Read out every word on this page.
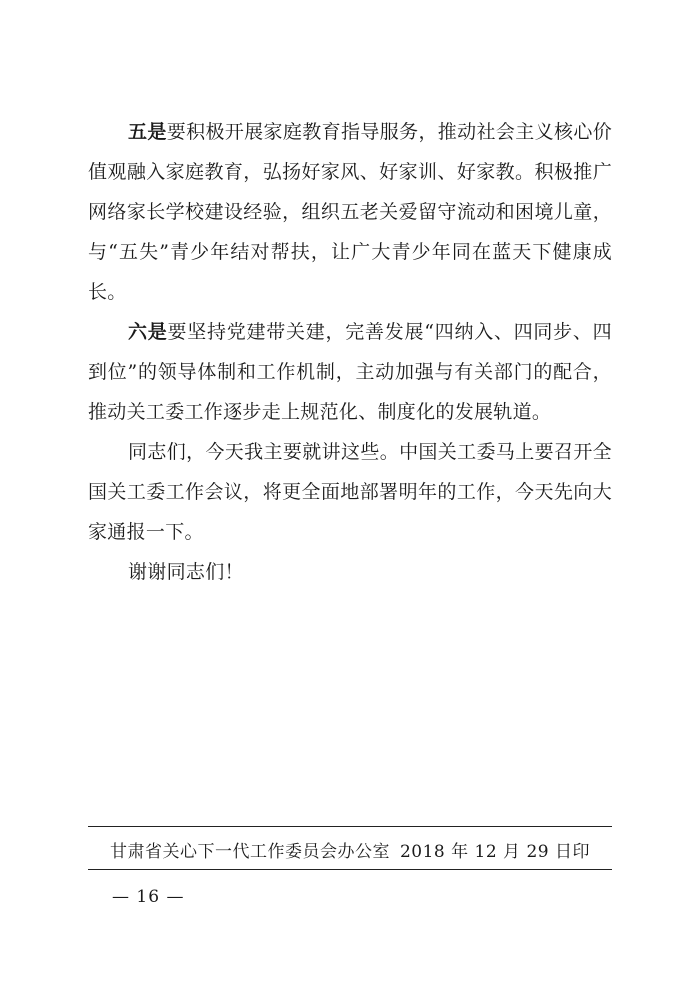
五是要积极开展家庭教育指导服务，推动社会主义核心价值观融入家庭教育，弘扬好家风、好家训、好家教。积极推广网络家长学校建设经验，组织五老关爱留守流动和困境儿童，与“五失”青少年结对帮扶，让广大青少年同在蓝天下健康成长。

六是要坚持党建带关建，完善发展“四纳入、四同步、四到位”的领导体制和工作机制，主动加强与有关部门的配合，推动关工委工作逐步走上规范化、制度化的发展轨道。

同志们，今天我主要就讲这些。中国关工委马上要召开全国关工委工作会议，将更全面地部署明年的工作，今天先向大家通报一下。

谢谢同志们！

甘肃省关心下一代工作委员会办公室 2018 年 12 月 29 日印
— 16 —
